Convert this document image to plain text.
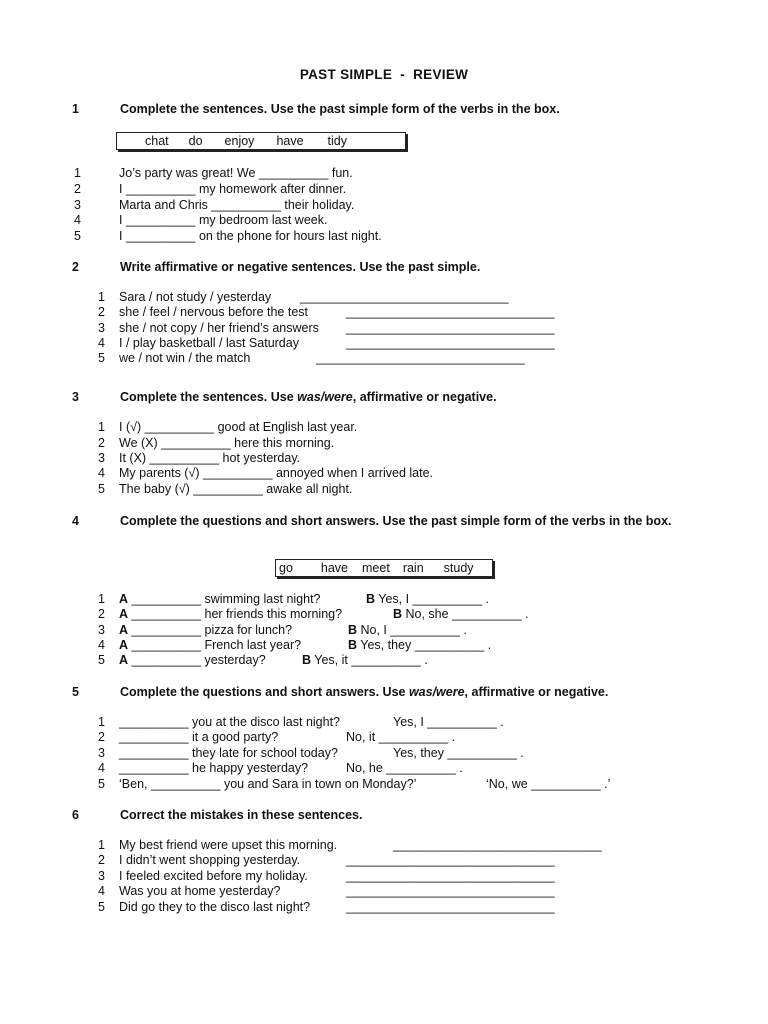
PAST SIMPLE  -  REVIEW
1	Complete the sentences. Use the past simple form of the verbs in the box.
chat do enjoy have tidy
1	Jo’s party was great! We __________ fun.
2	I __________ my homework after dinner.
3	Marta and Chris __________ their holiday.
4	I __________ my bedroom last week.
5	I __________ on the phone for hours last night.
2	Write affirmative or negative sentences. Use the past simple.
1 Sara / not study / yesterday ______________________________
2 she / feel / nervous before the test	______________________________
3 she / not copy / her friend’s answers ______________________________
4 I / play basketball / last Saturday	______________________________
5 we / not win / the match	______________________________
3	Complete the sentences. Use was/were, affirmative or negative.
1 I (√) __________ good at English last year.
2 We (X) __________ here this morning.
3 It (X) __________ hot yesterday.
4 My parents (√) __________ annoyed when I arrived late.
5 The baby (√) __________ awake all night.
4	Complete the questions and short answers. Use the past simple form of the verbs in the box.
go have meet rain study
1 A __________ swimming last night?	B Yes, I __________ .
2 A __________ her friends this morning?	B No, she __________ .
3 A __________ pizza for lunch?	B No, I __________ .
4 A __________ French last year?	B Yes, they __________ .
5 A __________ yesterday?	B Yes, it __________ .
5	Complete the questions and short answers. Use was/were, affirmative or negative.
1 __________ you at the disco last night?	Yes, I __________ .
2 __________ it a good party?	No, it __________ .
3 __________ they late for school today?	Yes, they __________ .
4 __________ he happy yesterday?	No, he __________ .
5 ‘Ben, __________ you and Sara in town on Monday?’	‘No, we __________ .’
6	Correct the mistakes in these sentences.
1 My best friend were upset this morning.	______________________________
2 I didn’t went shopping yesterday.	______________________________
3 I feeled excited before my holiday.	______________________________
4 Was you at home yesterday?	______________________________
5 Did go they to the disco last night?	______________________________
